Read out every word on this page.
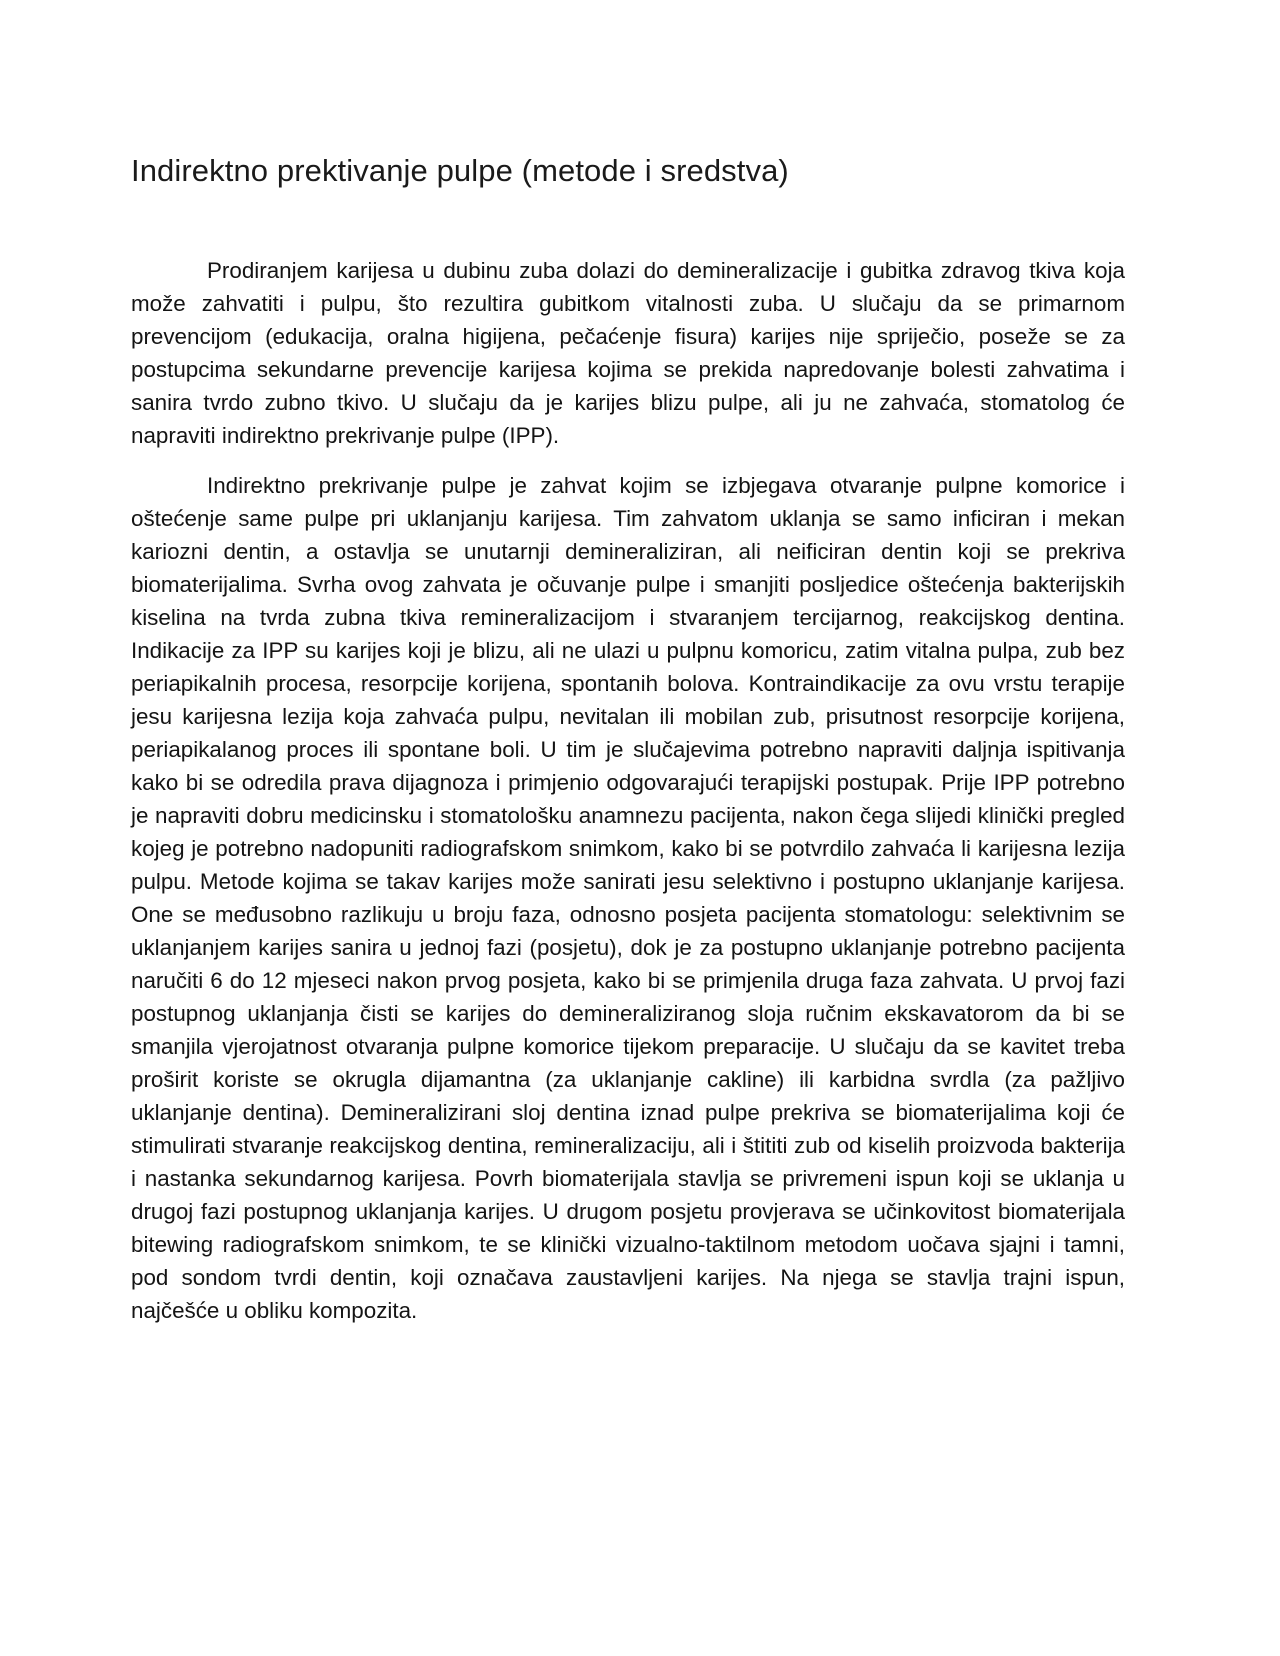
Indirektno prektivanje pulpe (metode i sredstva)

Prodiranjem karijesa u dubinu zuba dolazi do demineralizacije i gubitka zdravog tkiva koja može zahvatiti i pulpu, što rezultira gubitkom vitalnosti zuba. U slučaju da se primarnom prevencijom (edukacija, oralna higijena, pečaćenje fisura) karijes nije spriječio, poseže se za postupcima sekundarne prevencije karijesa kojima se prekida napredovanje bolesti zahvatima i sanira tvrdo zubno tkivo. U slučaju da je karijes blizu pulpe, ali ju ne zahvaća, stomatolog će napraviti indirektno prekrivanje pulpe (IPP).

Indirektno prekrivanje pulpe je zahvat kojim se izbjegava otvaranje pulpne komorice i oštećenje same pulpe pri uklanjanju karijesa. Tim zahvatom uklanja se samo inficiran i mekan kariozni dentin, a ostavlja se unutarnji demineraliziran, ali neificiran dentin koji se prekriva biomaterijalima. Svrha ovog zahvata je očuvanje pulpe i smanjiti posljedice oštećenja bakterijskih kiselina na tvrda zubna tkiva remineralizacijom i stvaranjem tercijarnog, reakcijskog dentina. Indikacije za IPP su karijes koji je blizu, ali ne ulazi u pulpnu komoricu, zatim vitalna pulpa, zub bez periapikalnih procesa, resorpcije korijena, spontanih bolova. Kontraindikacije za ovu vrstu terapije jesu karijesna lezija koja zahvaća pulpu, nevitalan ili mobilan zub, prisutnost resorpcije korijena, periapikalanog proces ili spontane boli. U tim je slučajevima potrebno napraviti daljnja ispitivanja kako bi se odredila prava dijagnoza i primjenio odgovarajući terapijski postupak. Prije IPP potrebno je napraviti dobru medicinsku i stomatološku anamnezu pacijenta, nakon čega slijedi klinički pregled kojeg je potrebno nadopuniti radiografskom snimkom, kako bi se potvrdilo zahvaća li karijesna lezija pulpu. Metode kojima se takav karijes može sanirati jesu selektivno i postupno uklanjanje karijesa. One se međusobno razlikuju u broju faza, odnosno posjeta pacijenta stomatologu: selektivnim se uklanjanjem karijes sanira u jednoj fazi (posjetu), dok je za postupno uklanjanje potrebno pacijenta naručiti 6 do 12 mjeseci nakon prvog posjeta, kako bi se primjenila druga faza zahvata. U prvoj fazi postupnog uklanjanja čisti se karijes do demineraliziranog sloja ručnim ekskavatorom da bi se smanjila vjerojatnost otvaranja pulpne komorice tijekom preparacije. U slučaju da se kavitet treba proširit koriste se okrugla dijamantna (za uklanjanje cakline) ili karbidna svrdla (za pažljivo uklanjanje dentina). Demineralizirani sloj dentina iznad pulpe prekriva se biomaterijalima koji će stimulirati stvaranje reakcijskog dentina, remineralizaciju, ali i štititi zub od kiselih proizvoda bakterija i nastanka sekundarnog karijesa. Povrh biomaterijala stavlja se privremeni ispun koji se uklanja u drugoj fazi postupnog uklanjanja karijes. U drugom posjetu provjerava se učinkovitost biomaterijala bitewing radiografskom snimkom, te se klinički vizualno-taktilnom metodom uočava sjajni i tamni, pod sondom tvrdi dentin, koji označava zaustavljeni karijes. Na njega se stavlja trajni ispun, najčešće u obliku kompozita.
